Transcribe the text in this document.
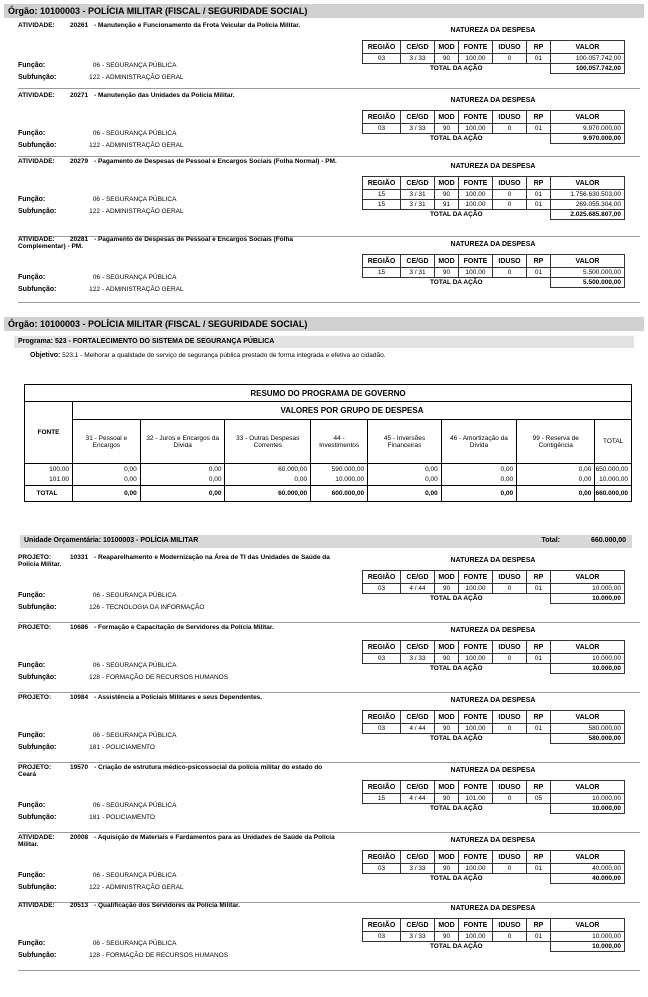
Órgão: 10100003 - POLÍCIA MILITAR (FISCAL / SEGURIDADE SOCIAL)
ATIVIDADE: 20261 - Manutenção e Funcionamento da Frota Veicular da Polícia Militar.
NATUREZA DA DESPESA
REGIÃO	CE/GD	MOD	FONTE	IDUSO	RP	VALOR
03	3 / 33	90	100.00	0	01	100.057.742,00
TOTAL DA AÇÃO						100.057.742,00
Função:	06 - SEGURANÇA PÚBLICA
Subfunção:	122 - ADMINISTRAÇÃO GERAL
ATIVIDADE: 20271 - Manutenção das Unidades da Polícia Militar.
NATUREZA DA DESPESA
REGIÃO	CE/GD	MOD	FONTE	IDUSO	RP	VALOR
03	3 / 33	90	100.00	0	01	9.970.000,00
TOTAL DA AÇÃO						9.970.000,00
Função:	06 - SEGURANÇA PÚBLICA
Subfunção:	122 - ADMINISTRAÇÃO GERAL
ATIVIDADE: 20279 - Pagamento de Despesas de Pessoal e Encargos Sociais (Folha Normal) - PM.
NATUREZA DA DESPESA
REGIÃO	CE/GD	MOD	FONTE	IDUSO	RP	VALOR
15	3 / 31	90	100.00	0	01	1.756.630.503,00
15	3 / 31	91	100.00	0	01	269.055.304,00
TOTAL DA AÇÃO						2.025.685.807,00
Função:	06 - SEGURANÇA PÚBLICA
Subfunção:	122 - ADMINISTRAÇÃO GERAL
ATIVIDADE: 20281 - Pagamento de Despesas de Pessoal e Encargos Sociais (Folha Complementar) - PM.	NATUREZA DA DESPESA
REGIÃO	CE/GD	MOD	FONTE	IDUSO	RP	VALOR
15	3 / 31	90	100.00	0	01	5.500.000,00
TOTAL DA AÇÃO						5.500.000,00
Função:	06 - SEGURANÇA PÚBLICA
Subfunção:	122 - ADMINISTRAÇÃO GERAL
Órgão: 10100003 - POLÍCIA MILITAR (FISCAL / SEGURIDADE SOCIAL)
Programa: 523 - FORTALECIMENTO DO SISTEMA DE SEGURANÇA PÚBLICA
Objetivo: 523.1 - Melhorar a qualidade do serviço de segurança pública prestado de forma integrada e efetiva ao cidadão.
RESUMO DO PROGRAMA DE GOVERNO								
FONTE	VALORES POR GRUPO DE DESPESA							
	31 - Pessoal e Encargos	32 - Juros e Encargos da Dívida	33 - Outras Despesas Correntes	44 - Investimentos	45 - Inversões Financeiras	46 - Amortização da Dívida	99 - Reserva de Contigência	TOTAL
100.00	0,00	0,00	60.000,00	590.000,00	0,00	0,00	0,00	650.000,00
101.00	0,00	0,00	0,00	10.000,00	0,00	0,00	0,00	10.000,00
TOTAL	0,00	0,00	60.000,00	600.000,00	0,00	0,00	0,00	660.000,00
Unidade Orçamentária: 10100003 - POLÍCIA MILITAR	Total:	660.000,00
PROJETO:	10331 - Reaparelhamento e Modernização na Área de TI das Unidades de Saúde da Polícia Militar.
NATUREZA DA DESPESA
REGIÃO	CE/GD	MOD	FONTE	IDUSO	RP	VALOR
03	4 / 44	90	100.00	0	01	10.000,00
TOTAL DA AÇÃO						10.000,00
Função:	06 - SEGURANÇA PÚBLICA
Subfunção:	126 - TECNOLOGIA DA INFORMAÇÃO
PROJETO:	10686 - Formação e Capacitação de Servidores da Polícia Militar.	NATUREZA DA DESPESA
REGIÃO	CE/GD	MOD	FONTE	IDUSO	RP	VALOR
03	3 / 33	90	100.00	0	01	10.000,00
TOTAL DA AÇÃO						10.000,00
Função:	06 - SEGURANÇA PÚBLICA
Subfunção:	128 - FORMAÇÃO DE RECURSOS HUMANOS
PROJETO:	10984 - Assistência a Policiais Militares e seus Dependentes.	NATUREZA DA DESPESA
REGIÃO	CE/GD	MOD	FONTE	IDUSO	RP	VALOR
03	4 / 44	90	100.00	0	01	580.000,00
TOTAL DA AÇÃO						580.000,00
Função:	06 - SEGURANÇA PÚBLICA
Subfunção:	181 - POLICIAMENTO
PROJETO:	19570 - Criação de estrutura médico-psicossocial da polícia militar do estado do Ceará
NATUREZA DA DESPESA
REGIÃO	CE/GD	MOD	FONTE	IDUSO	RP	VALOR
15	4 / 44	90	101.00	0	05	10.000,00
TOTAL DA AÇÃO						10.000,00
Função:	06 - SEGURANÇA PÚBLICA
Subfunção:	181 - POLICIAMENTO
ATIVIDADE: 20008 - Aquisição de Materiais e Fardamentos para as Unidades de Saúde da Polícia Militar.
NATUREZA DA DESPESA
REGIÃO	CE/GD	MOD	FONTE	IDUSO	RP	VALOR
03	3 / 33	90	100.00	0	01	40.000,00
TOTAL DA AÇÃO						40.000,00
Função:	06 - SEGURANÇA PÚBLICA
Subfunção:	122 - ADMINISTRAÇÃO GERAL
ATIVIDADE: 20513 - Qualificação dos Servidores da Polícia Militar.	NATUREZA DA DESPESA
REGIÃO	CE/GD	MOD	FONTE	IDUSO	RP	VALOR
03	3 / 33	90	100.00	0	01	10.000,00
TOTAL DA AÇÃO						10.000,00
Função:	06 - SEGURANÇA PÚBLICA
Subfunção:	128 - FORMAÇÃO DE RECURSOS HUMANOS
